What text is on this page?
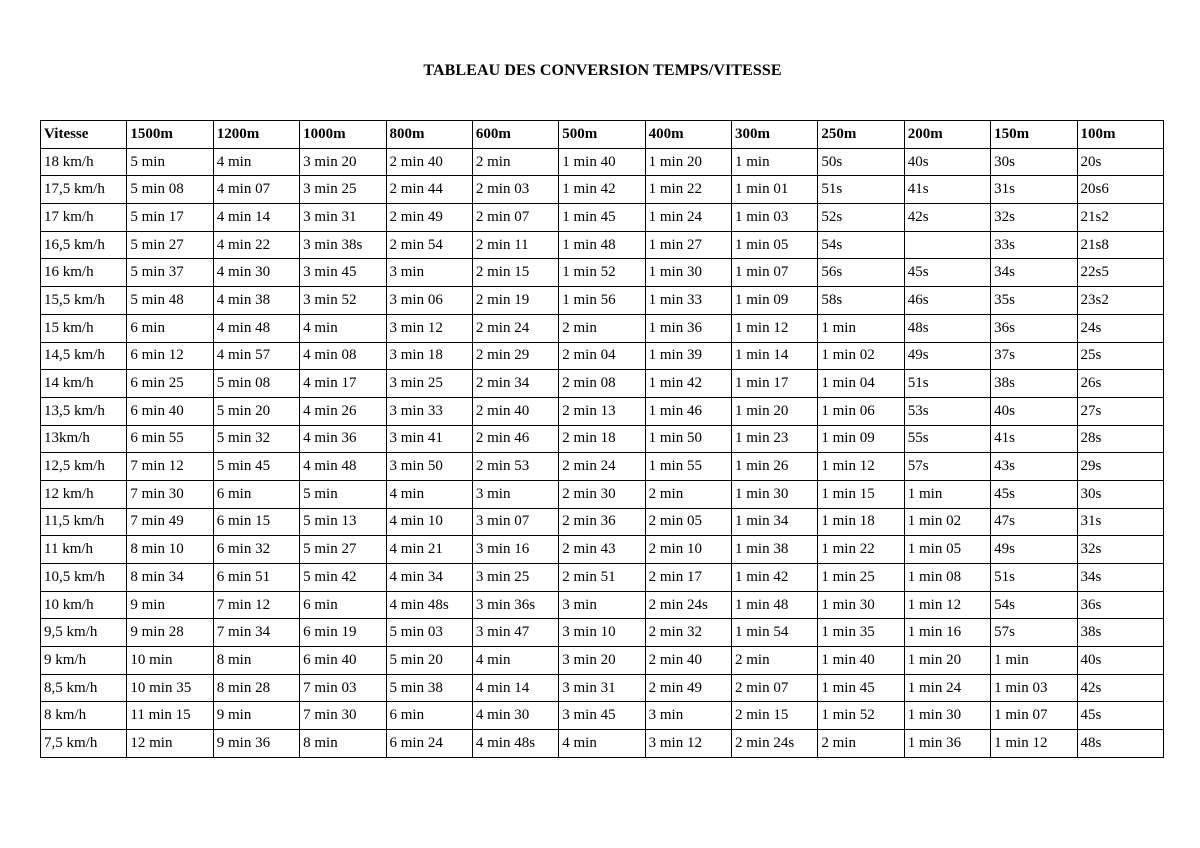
TABLEAU DES CONVERSION TEMPS/VITESSE
Vitesse	1500m	1200m	1000m	800m	600m	500m	400m	300m	250m	200m	150m	100m
18 km/h	5 min	4 min	3 min 20	2 min 40	2 min	1 min 40	1 min 20	1 min	50s	40s	30s	20s
17,5 km/h	5 min 08	4 min 07	3 min 25	2 min 44	2 min 03	1 min 42	1 min 22	1 min 01	51s	41s	31s	20s6
17 km/h	5 min 17	4 min 14	3 min 31	2 min 49	2 min 07	1 min 45	1 min 24	1 min 03	52s	42s	32s	21s2
16,5 km/h	5 min 27	4 min 22	3 min 38s	2 min 54	2 min 11	1 min 48	1 min 27	1 min 05	54s		33s	21s8
16 km/h	5 min 37	4 min 30	3 min 45	3 min	2 min 15	1 min 52	1 min 30	1 min 07	56s	45s	34s	22s5
15,5 km/h	5 min 48	4 min 38	3 min 52	3 min 06	2 min 19	1 min 56	1 min 33	1 min 09	58s	46s	35s	23s2
15 km/h	6 min	4 min 48	4 min	3 min 12	2 min 24	2 min	1 min 36	1 min 12	1 min	48s	36s	24s
14,5 km/h	6 min 12	4 min 57	4 min 08	3 min 18	2 min 29	2 min 04	1 min 39	1 min 14	1 min 02	49s	37s	25s
14 km/h	6 min 25	5 min 08	4 min 17	3 min 25	2 min 34	2 min 08	1 min 42	1 min 17	1 min 04	51s	38s	26s
13,5 km/h	6 min 40	5 min 20	4 min 26	3 min 33	2 min 40	2 min 13	1 min 46	1 min 20	1 min 06	53s	40s	27s
13km/h	6 min 55	5 min 32	4 min 36	3 min 41	2 min 46	2 min 18	1 min 50	1 min 23	1 min 09	55s	41s	28s
12,5 km/h	7 min 12	5 min 45	4 min 48	3 min 50	2 min 53	2 min 24	1 min 55	1 min 26	1 min 12	57s	43s	29s
12 km/h	7 min 30	6 min	5 min	4 min	3 min	2 min 30	2 min	1 min 30	1 min 15	1 min	45s	30s
11,5 km/h	7 min 49	6 min 15	5 min 13	4 min 10	3 min 07	2 min 36	2 min 05	1 min 34	1 min 18	1 min 02	47s	31s
11 km/h	8 min 10	6 min 32	5 min 27	4 min 21	3 min 16	2 min 43	2 min 10	1 min 38	1 min 22	1 min 05	49s	32s
10,5 km/h	8 min 34	6 min 51	5 min 42	4 min 34	3 min 25	2 min 51	2 min 17	1 min 42	1 min 25	1 min 08	51s	34s
10 km/h	9 min	7 min 12	6 min	4 min 48s	3 min 36s	3 min	2 min 24s	1 min 48	1 min 30	1 min 12	54s	36s
9,5 km/h	9 min 28	7 min 34	6 min 19	5 min 03	3 min 47	3 min 10	2 min 32	1 min 54	1 min 35	1 min 16	57s	38s
9 km/h	10 min	8 min	6 min 40	5 min 20	4 min	3 min 20	2 min 40	2 min	1 min 40	1 min 20	1 min	40s
8,5 km/h	10 min 35	8 min 28	7 min 03	5 min 38	4 min 14	3 min 31	2 min 49	2 min 07	1 min 45	1 min 24	1 min 03	42s
8 km/h	11 min 15	9 min	7 min 30	6 min	4 min 30	3 min 45	3 min	2 min 15	1 min 52	1 min 30	1 min 07	45s
7,5 km/h	12 min	9 min 36	8 min	6 min 24	4 min 48s	4 min	3 min 12	2 min 24s	2 min	1 min 36	1 min 12	48s
